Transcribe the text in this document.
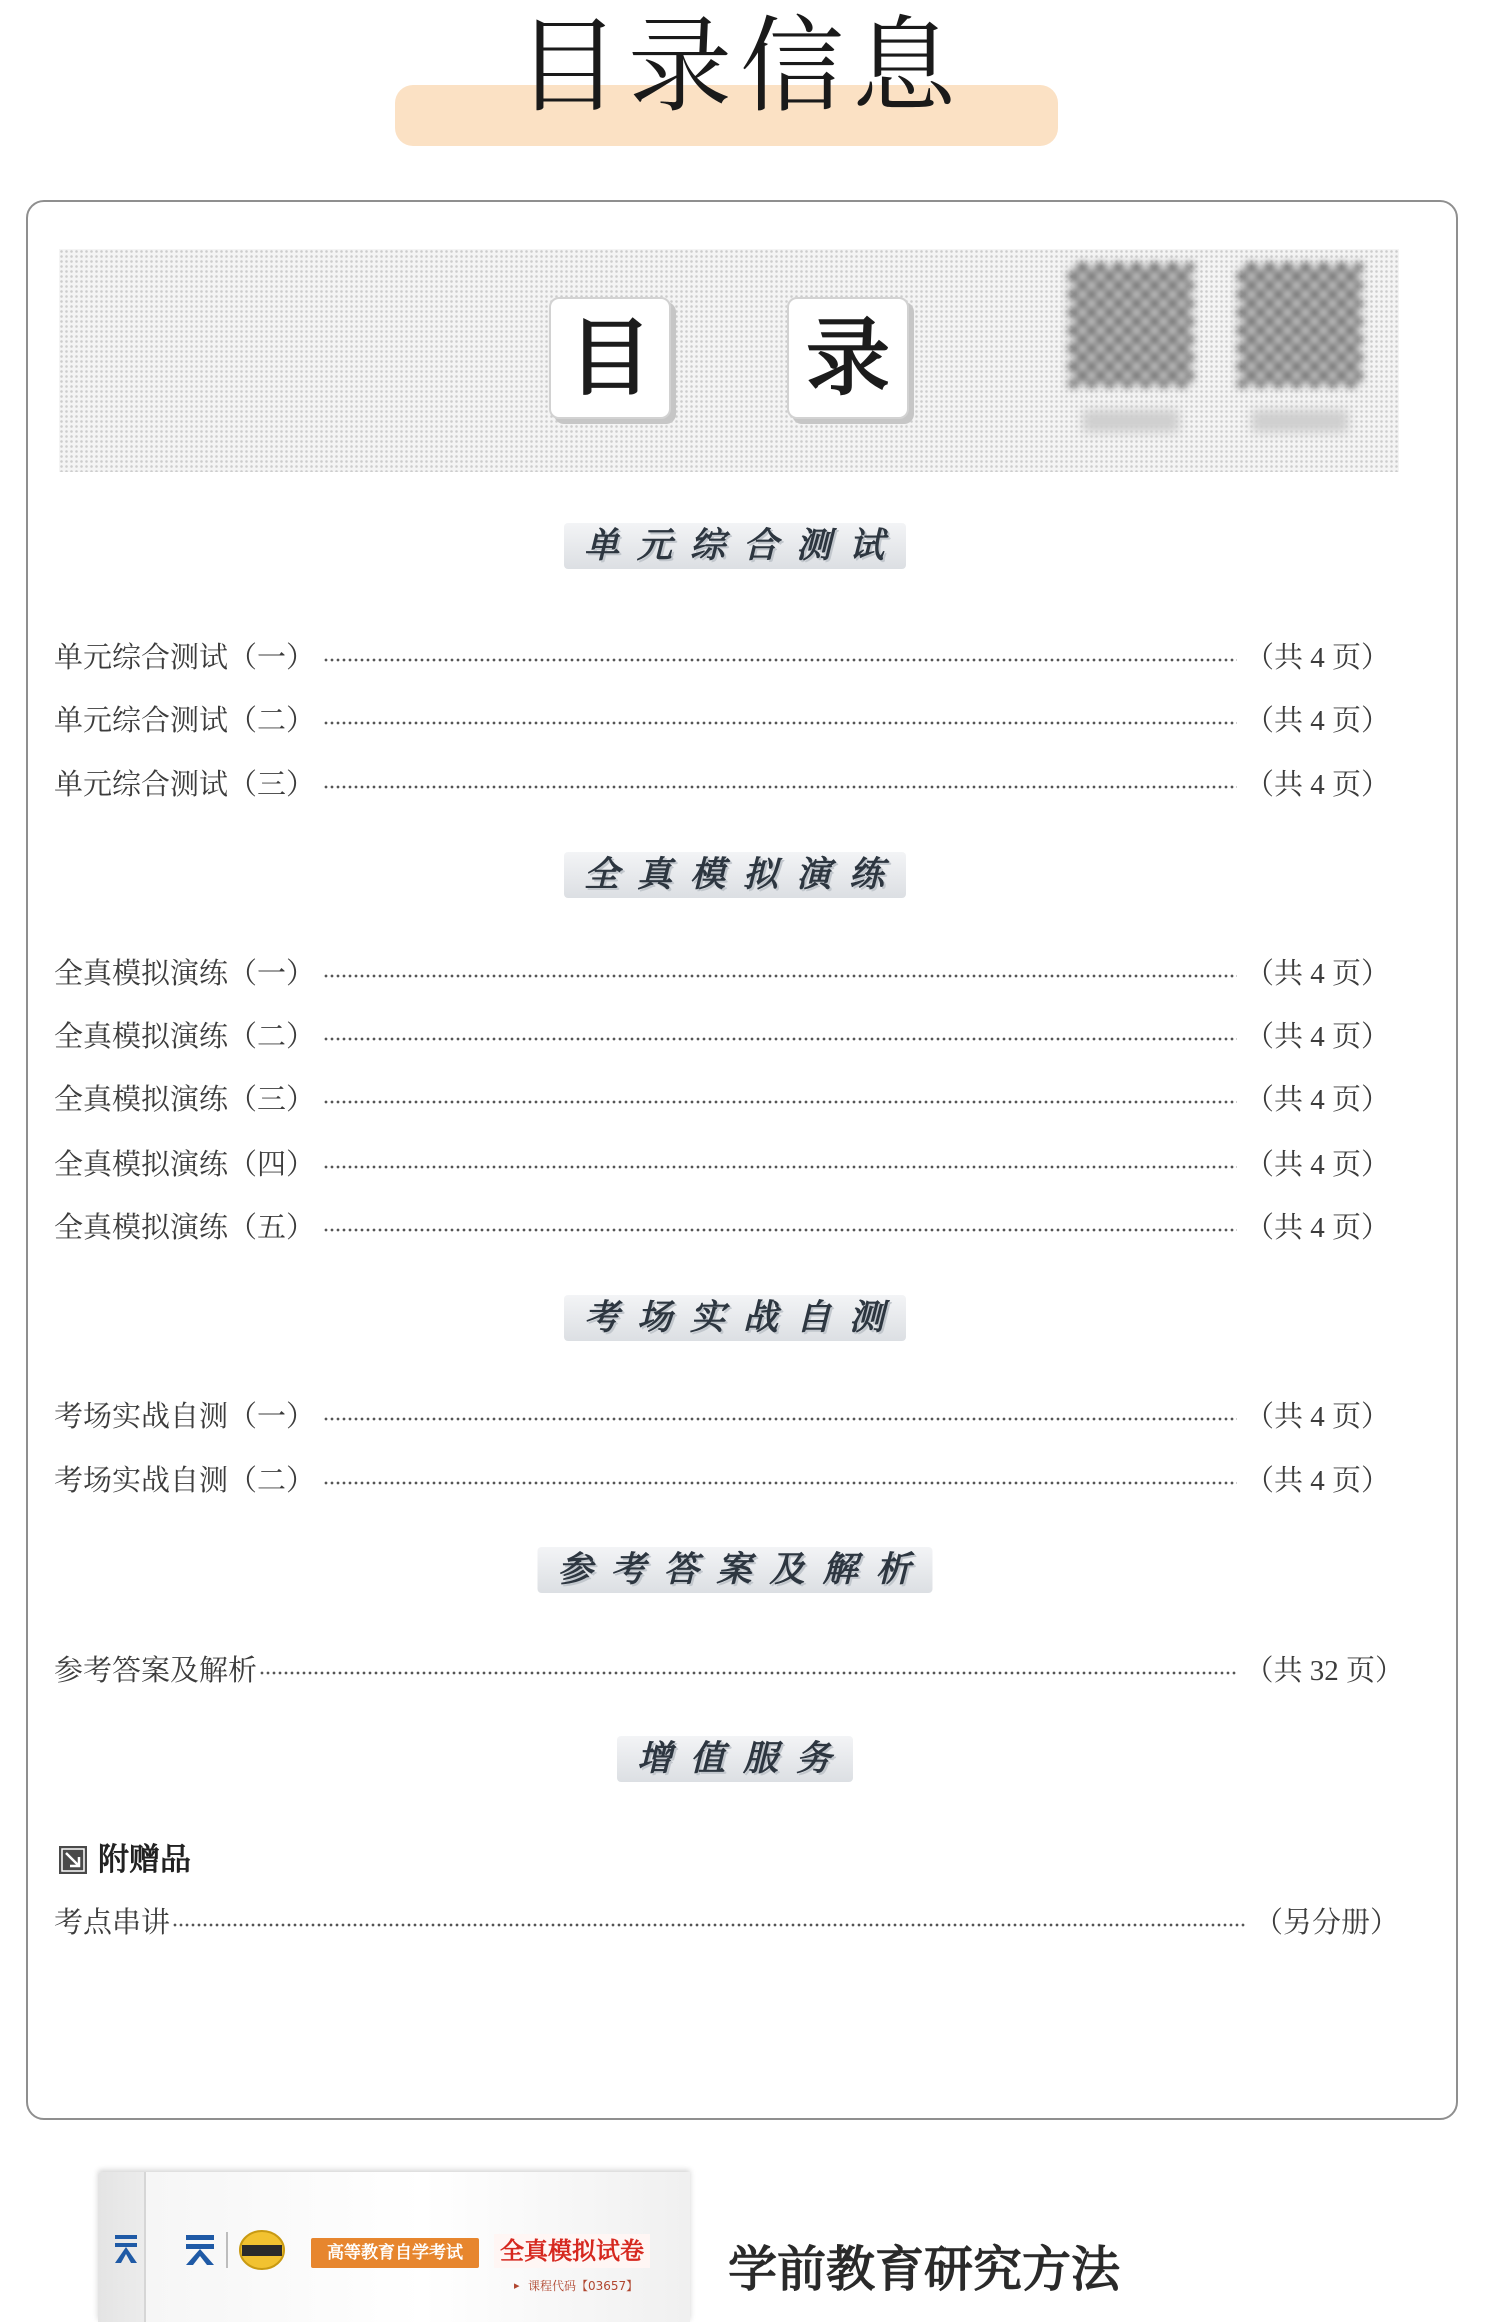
目录信息
目 录
单元综合测试
单元综合测试（一）	（共 4 页）
单元综合测试（二）	（共 4 页）
单元综合测试（三）	（共 4 页）
全真模拟演练
全真模拟演练（一）	（共 4 页）
全真模拟演练（二）	（共 4 页）
全真模拟演练（三）	（共 4 页）
全真模拟演练（四）	（共 4 页）
全真模拟演练（五）	（共 4 页）
考场实战自测
考场实战自测（一）	（共 4 页）
考场实战自测（二）	（共 4 页）
参考答案及解析
参考答案及解析	（共 32 页）
增值服务
附赠品
考点串讲	（另分册）
高等教育自学考试	全真模拟试卷
▸ 课程代码【03657】 学前教育研究方法
